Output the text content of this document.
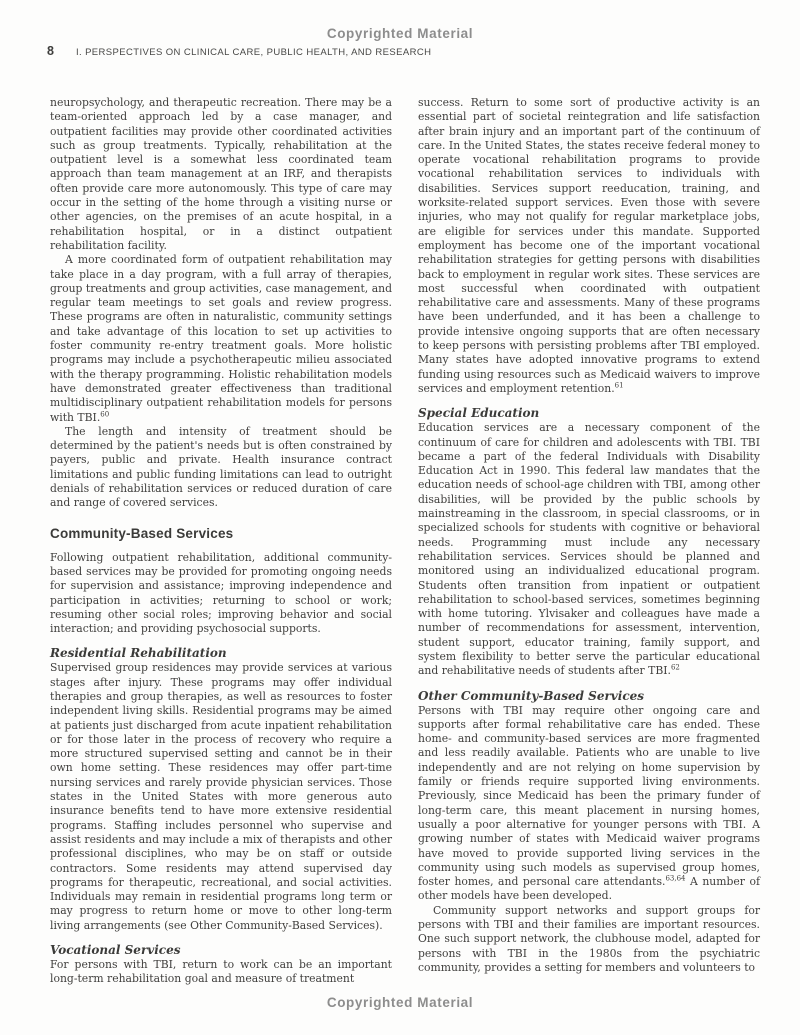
Copyrighted Material
8 I. PERSPECTIVES ON CLINICAL CARE, PUBLIC HEALTH, AND RESEARCH
neuropsychology, and therapeutic recreation. There may be a team-oriented approach led by a case manager, and outpatient facilities may provide other coordinated activities such as group treatments. Typically, rehabilitation at the outpatient level is a somewhat less coordinated team approach than team management at an IRF, and therapists often provide care more autonomously. This type of care may occur in the setting of the home through a visiting nurse or other agencies, on the premises of an acute hospital, in a rehabilitation hospital, or in a distinct outpatient rehabilitation facility.
A more coordinated form of outpatient rehabilitation may take place in a day program, with a full array of therapies, group treatments and group activities, case management, and regular team meetings to set goals and review progress. These programs are often in naturalistic, community settings and take advantage of this location to set up activities to foster community re-entry treatment goals. More holistic programs may include a psychotherapeutic milieu associated with the therapy programming. Holistic rehabilitation models have demonstrated greater effectiveness than traditional multidisciplinary outpatient rehabilitation models for persons with TBI.$^{60}$
The length and intensity of treatment should be determined by the patient's needs but is often constrained by payers, public and private. Health insurance contract limitations and public funding limitations can lead to outright denials of rehabilitation services or reduced duration of care and range of covered services.
Community-Based Services
Following outpatient rehabilitation, additional community-based services may be provided for promoting ongoing needs for supervision and assistance; improving independence and participation in activities; returning to school or work; resuming other social roles; improving behavior and social interaction; and providing psychosocial supports.
Residential Rehabilitation
Supervised group residences may provide services at various stages after injury. These programs may offer individual therapies and group therapies, as well as resources to foster independent living skills. Residential programs may be aimed at patients just discharged from acute inpatient rehabilitation or for those later in the process of recovery who require a more structured supervised setting and cannot be in their own home setting. These residences may offer part-time nursing services and rarely provide physician services. Those states in the United States with more generous auto insurance benefits tend to have more extensive residential programs. Staffing includes personnel who supervise and assist residents and may include a mix of therapists and other professional disciplines, who may be on staff or outside contractors. Some residents may attend supervised day programs for therapeutic, recreational, and social activities. Individuals may remain in residential programs long term or may progress to return home or move to other long-term living arrangements (see Other Community-Based Services).
Vocational Services
For persons with TBI, return to work can be an important long-term rehabilitation goal and measure of treatment
success. Return to some sort of productive activity is an essential part of societal reintegration and life satisfaction after brain injury and an important part of the continuum of care. In the United States, the states receive federal money to operate vocational rehabilitation programs to provide vocational rehabilitation services to individuals with disabilities. Services support reeducation, training, and worksite-related support services. Even those with severe injuries, who may not qualify for regular marketplace jobs, are eligible for services under this mandate. Supported employment has become one of the important vocational rehabilitation strategies for getting persons with disabilities back to employment in regular work sites. These services are most successful when coordinated with outpatient rehabilitative care and assessments. Many of these programs have been underfunded, and it has been a challenge to provide intensive ongoing supports that are often necessary to keep persons with persisting problems after TBI employed. Many states have adopted innovative programs to extend funding using resources such as Medicaid waivers to improve services and employment retention.$^{61}$
Special Education
Education services are a necessary component of the continuum of care for children and adolescents with TBI. TBI became a part of the federal Individuals with Disability Education Act in 1990. This federal law mandates that the education needs of school-age children with TBI, among other disabilities, will be provided by the public schools by mainstreaming in the classroom, in special classrooms, or in specialized schools for students with cognitive or behavioral needs. Programming must include any necessary rehabilitation services. Services should be planned and monitored using an individualized educational program. Students often transition from inpatient or outpatient rehabilitation to school-based services, sometimes beginning with home tutoring. Ylvisaker and colleagues have made a number of recommendations for assessment, intervention, student support, educator training, family support, and system flexibility to better serve the particular educational and rehabilitative needs of students after TBI.$^{62}$
Other Community-Based Services
Persons with TBI may require other ongoing care and supports after formal rehabilitative care has ended. These home- and community-based services are more fragmented and less readily available. Patients who are unable to live independently and are not relying on home supervision by family or friends require supported living environments. Previously, since Medicaid has been the primary funder of long-term care, this meant placement in nursing homes, usually a poor alternative for younger persons with TBI. A growing number of states with Medicaid waiver programs have moved to provide supported living services in the community using such models as supervised group homes, foster homes, and personal care attendants.$^{63,64}$ A number of other models have been developed.
Community support networks and support groups for persons with TBI and their families are important resources. One such support network, the clubhouse model, adapted for persons with TBI in the 1980s from the psychiatric community, provides a setting for members and volunteers to
Copyrighted Material
